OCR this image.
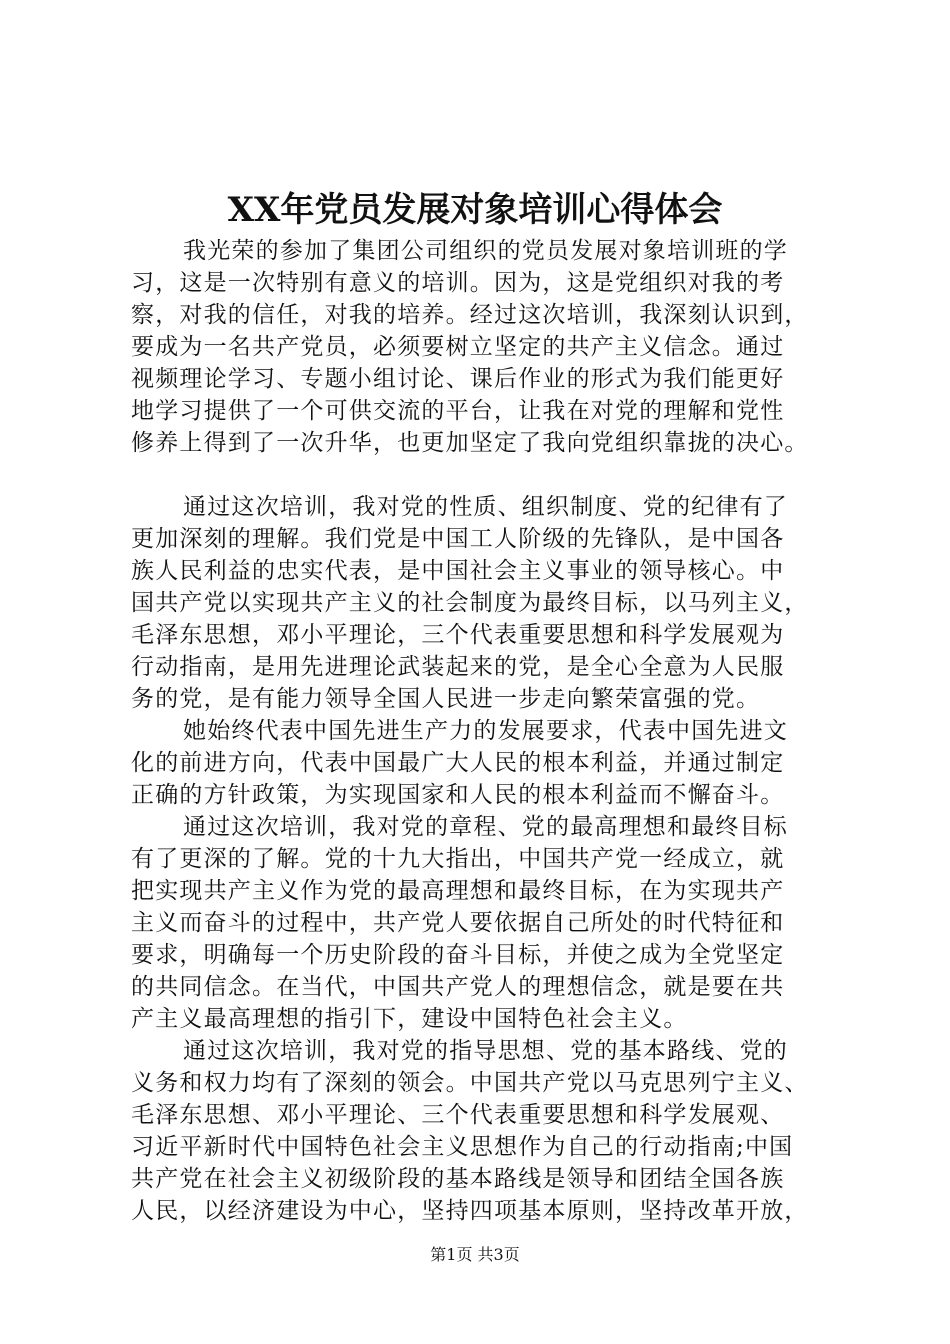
XX年党员发展对象培训心得体会
我光荣的参加了集团公司组织的党员发展对象培训班的学
习，这是一次特别有意义的培训。因为，这是党组织对我的考
察，对我的信任，对我的培养。经过这次培训，我深刻认识到，
要成为一名共产党员，必须要树立坚定的共产主义信念。通过
视频理论学习、专题小组讨论、课后作业的形式为我们能更好
地学习提供了一个可供交流的平台，让我在对党的理解和党性
修养上得到了一次升华，也更加坚定了我向党组织靠拢的决心。
通过这次培训，我对党的性质、组织制度、党的纪律有了
更加深刻的理解。我们党是中国工人阶级的先锋队，是中国各
族人民利益的忠实代表，是中国社会主义事业的领导核心。中
国共产党以实现共产主义的社会制度为最终目标，以马列主义，
毛泽东思想，邓小平理论，三个代表重要思想和科学发展观为
行动指南，是用先进理论武装起来的党，是全心全意为人民服
务的党，是有能力领导全国人民进一步走向繁荣富强的党。
她始终代表中国先进生产力的发展要求，代表中国先进文
化的前进方向，代表中国最广大人民的根本利益，并通过制定
正确的方针政策，为实现国家和人民的根本利益而不懈奋斗。
通过这次培训，我对党的章程、党的最高理想和最终目标
有了更深的了解。党的十九大指出，中国共产党一经成立，就
把实现共产主义作为党的最高理想和最终目标，在为实现共产
主义而奋斗的过程中，共产党人要依据自己所处的时代特征和
要求，明确每一个历史阶段的奋斗目标，并使之成为全党坚定
的共同信念。在当代，中国共产党人的理想信念，就是要在共
产主义最高理想的指引下，建设中国特色社会主义。
通过这次培训，我对党的指导思想、党的基本路线、党的
义务和权力均有了深刻的领会。中国共产党以马克思列宁主义、
毛泽东思想、邓小平理论、三个代表重要思想和科学发展观、
习近平新时代中国特色社会主义思想作为自己的行动指南;中国
共产党在社会主义初级阶段的基本路线是领导和团结全国各族
人民，以经济建设为中心，坚持四项基本原则，坚持改革开放，
第1页 共3页
